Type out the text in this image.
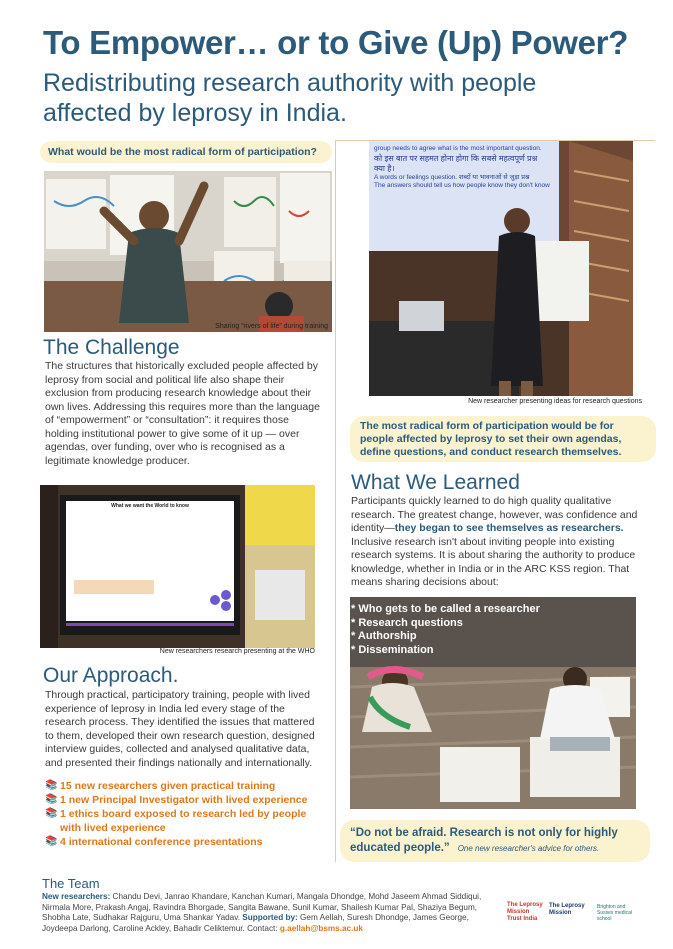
To Empower… or to Give (Up) Power?
Redistributing research authority with people affected by leprosy in India.
What would be the most radical form of participation?
Sharing “rivers of life” during training
group needs to agree what is the most important question.
को इस बात पर सहमत होना होगा कि सबसे महत्वपूर्ण प्रश्न
क्या है।
A words or feelings question. शब्दों या भावनाओं से जुड़ा प्रश्न
The answers should tell us how people know they don't know
New researcher presenting ideas for research questions
The most radical form of participation would be for people affected by leprosy to set their own agendas, define questions, and conduct research themselves.
The Challenge
The structures that historically excluded people affected by leprosy from social and political life also shape their exclusion from producing research knowledge about their own lives. Addressing this requires more than the language of “empowerment” or “consultation”: it requires those holding institutional power to give some of it up — over agendas, over funding, over who is recognised as a legitimate knowledge producer.
What we want the World to know
New researchers research presenting at the WHO
Our Approach.
Through practical, participatory training, people with lived experience of leprosy in India led every stage of the research process. They identified the issues that mattered to them, developed their own research question, designed interview guides, collected and analysed qualitative data, and presented their findings nationally and internationally.
📚 15 new researchers given practical training
📚 1 new Principal Investigator with lived experience
📚 1 ethics board exposed to research led by people with lived experience
📚 4 international conference presentations
What We Learned
Participants quickly learned to do high quality qualitative research. The greatest change, however, was confidence and identity—they began to see themselves as researchers. Inclusive research isn't about inviting people into existing research systems. It is about sharing the authority to produce knowledge, whether in India or in the ARC KSS region. That means sharing decisions about:
* Who gets to be called a researcher
* Research questions
* Authorship
* Dissemination
“Do not be afraid. Research is not only for highly educated people.” One new researcher's advice for others.
The Team
New researchers: Chandu Devi, Janrao Khandare, Kanchan Kumari, Mangala Dhondge, Mohd Jaseem Ahmad Siddiqui, Nirmala More, Prakash Angaj, Ravindra Bhorgade, Sangita Bawane, Sunil Kumar, Shailesh Kumar Pal, Shaziya Begum, Shobha Late, Sudhakar Rajguru, Uma Shankar Yadav. Supported by: Gem Aellah, Suresh Dhondge, James George, Joydeepa Darlong, Caroline Ackley, Bahadir Celiktemur. Contact: g.aellah@bsms.ac.uk
The Leprosy Mission Trust India
The Leprosy Mission
Brighton and Sussex medical school
